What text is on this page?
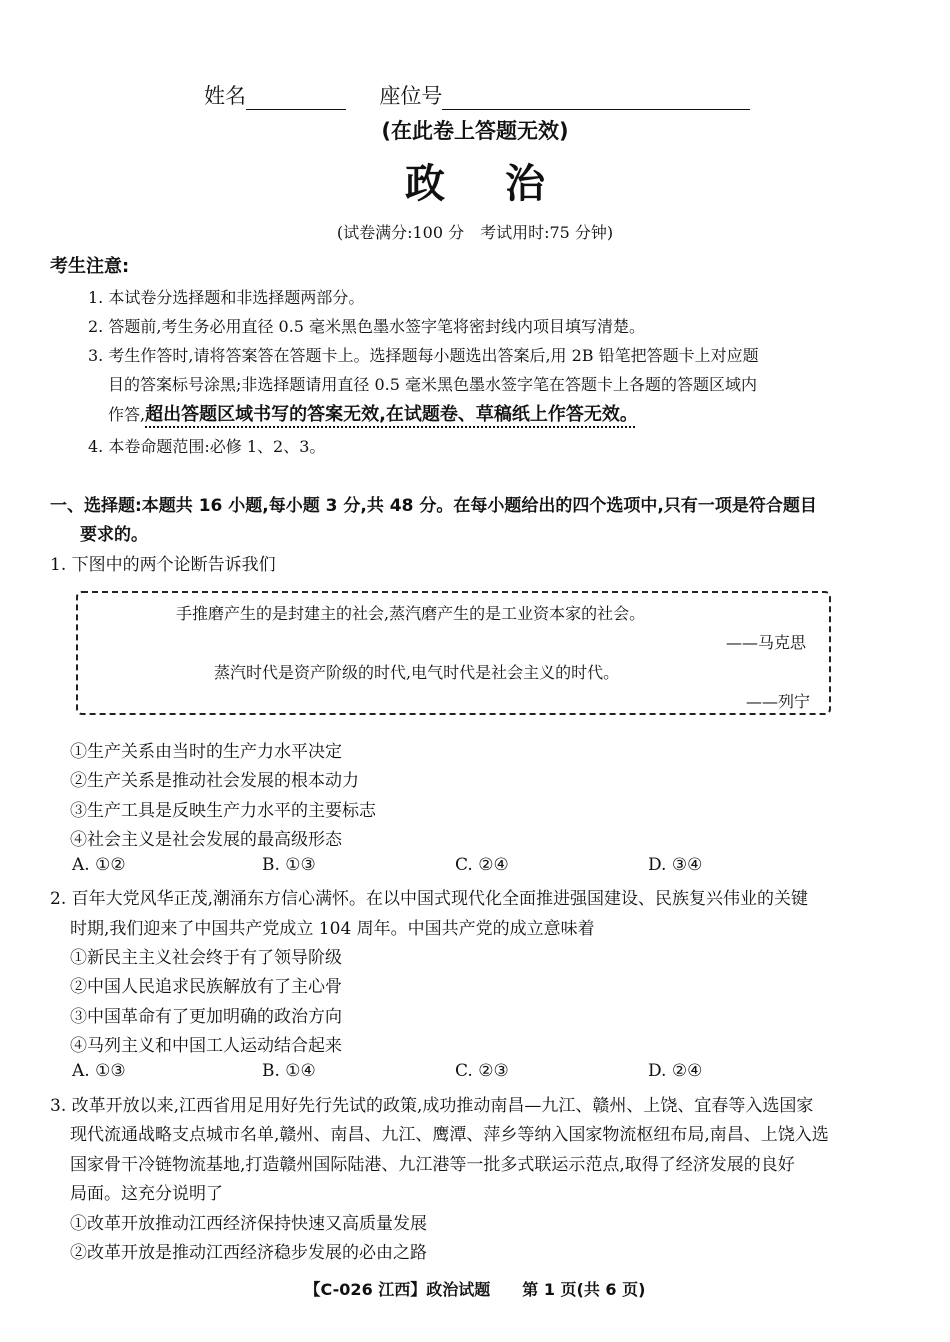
姓名	座位号
(在此卷上答题无效)
政治
(试卷满分:100 分　考试用时:75 分钟)
考生注意:
1. 本试卷分选择题和非选择题两部分。
2. 答题前,考生务必用直径 0.5 毫米黑色墨水签字笔将密封线内项目填写清楚。
3. 考生作答时,请将答案答在答题卡上。选择题每小题选出答案后,用 2B 铅笔把答题卡上对应题
目的答案标号涂黑;非选择题请用直径 0.5 毫米黑色墨水签字笔在答题卡上各题的答题区域内
作答,超出答题区域书写的答案无效,在试题卷、草稿纸上作答无效。
4. 本卷命题范围:必修 1、2、3。
一、选择题:本题共 16 小题,每小题 3 分,共 48 分。在每小题给出的四个选项中,只有一项是符合题目
要求的。
1. 下图中的两个论断告诉我们
手推磨产生的是封建主的社会,蒸汽磨产生的是工业资本家的社会。
——马克思
蒸汽时代是资产阶级的时代,电气时代是社会主义的时代。
——列宁
①生产关系由当时的生产力水平决定
②生产关系是推动社会发展的根本动力
③生产工具是反映生产力水平的主要标志
④社会主义是社会发展的最高级形态
A. ①②	B. ①③	C. ②④	D. ③④
2. 百年大党风华正茂,潮涌东方信心满怀。在以中国式现代化全面推进强国建设、民族复兴伟业的关键
时期,我们迎来了中国共产党成立 104 周年。中国共产党的成立意味着
①新民主主义社会终于有了领导阶级
②中国人民追求民族解放有了主心骨
③中国革命有了更加明确的政治方向
④马列主义和中国工人运动结合起来
A. ①③	B. ①④	C. ②③	D. ②④
3. 改革开放以来,江西省用足用好先行先试的政策,成功推动南昌—九江、赣州、上饶、宜春等入选国家
现代流通战略支点城市名单,赣州、南昌、九江、鹰潭、萍乡等纳入国家物流枢纽布局,南昌、上饶入选
国家骨干冷链物流基地,打造赣州国际陆港、九江港等一批多式联运示范点,取得了经济发展的良好
局面。这充分说明了
①改革开放推动江西经济保持快速又高质量发展
②改革开放是推动江西经济稳步发展的必由之路
【C-026 江西】政治试题　　第 1 页(共 6 页)
